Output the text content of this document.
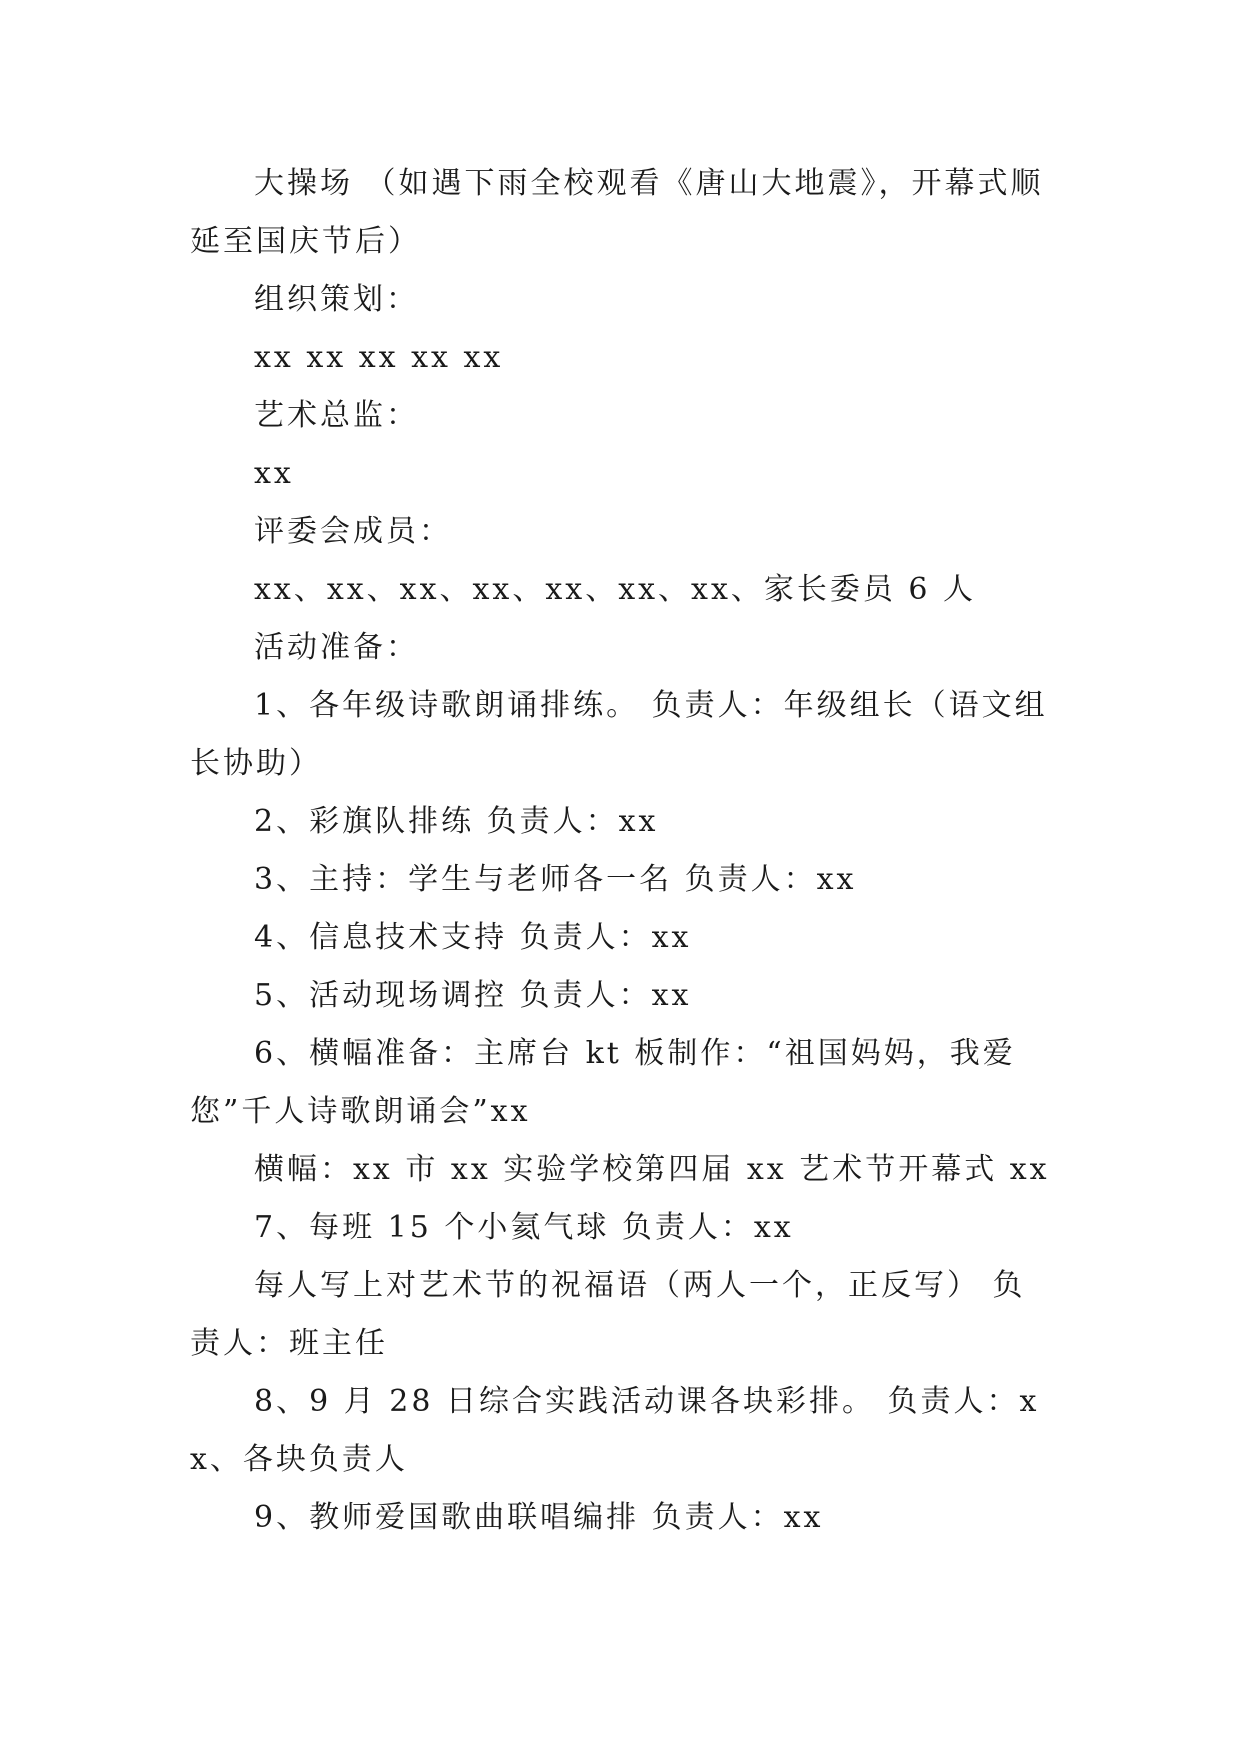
大操场 （如遇下雨全校观看《唐山大地震》，开幕式顺延至国庆节后）

组织策划：

xx xx xx xx xx

艺术总监：

xx

评委会成员：

xx、xx、xx、xx、xx、xx、xx、家长委员 6 人

活动准备：

1、各年级诗歌朗诵排练。 负责人：年级组长（语文组长协助）

2、彩旗队排练 负责人：xx

3、主持：学生与老师各一名 负责人：xx

4、信息技术支持 负责人：xx

5、活动现场调控 负责人：xx

6、横幅准备：主席台 kt 板制作：“祖国妈妈，我爱您”千人诗歌朗诵会”xx

横幅：xx 市 xx 实验学校第四届 xx 艺术节开幕式 xx

7、每班 15 个小氦气球 负责人：xx

每人写上对艺术节的祝福语（两人一个，正反写） 负责人：班主任

8、9 月 28 日综合实践活动课各块彩排。 负责人：xx、各块负责人

9、教师爱国歌曲联唱编排 负责人：xx
